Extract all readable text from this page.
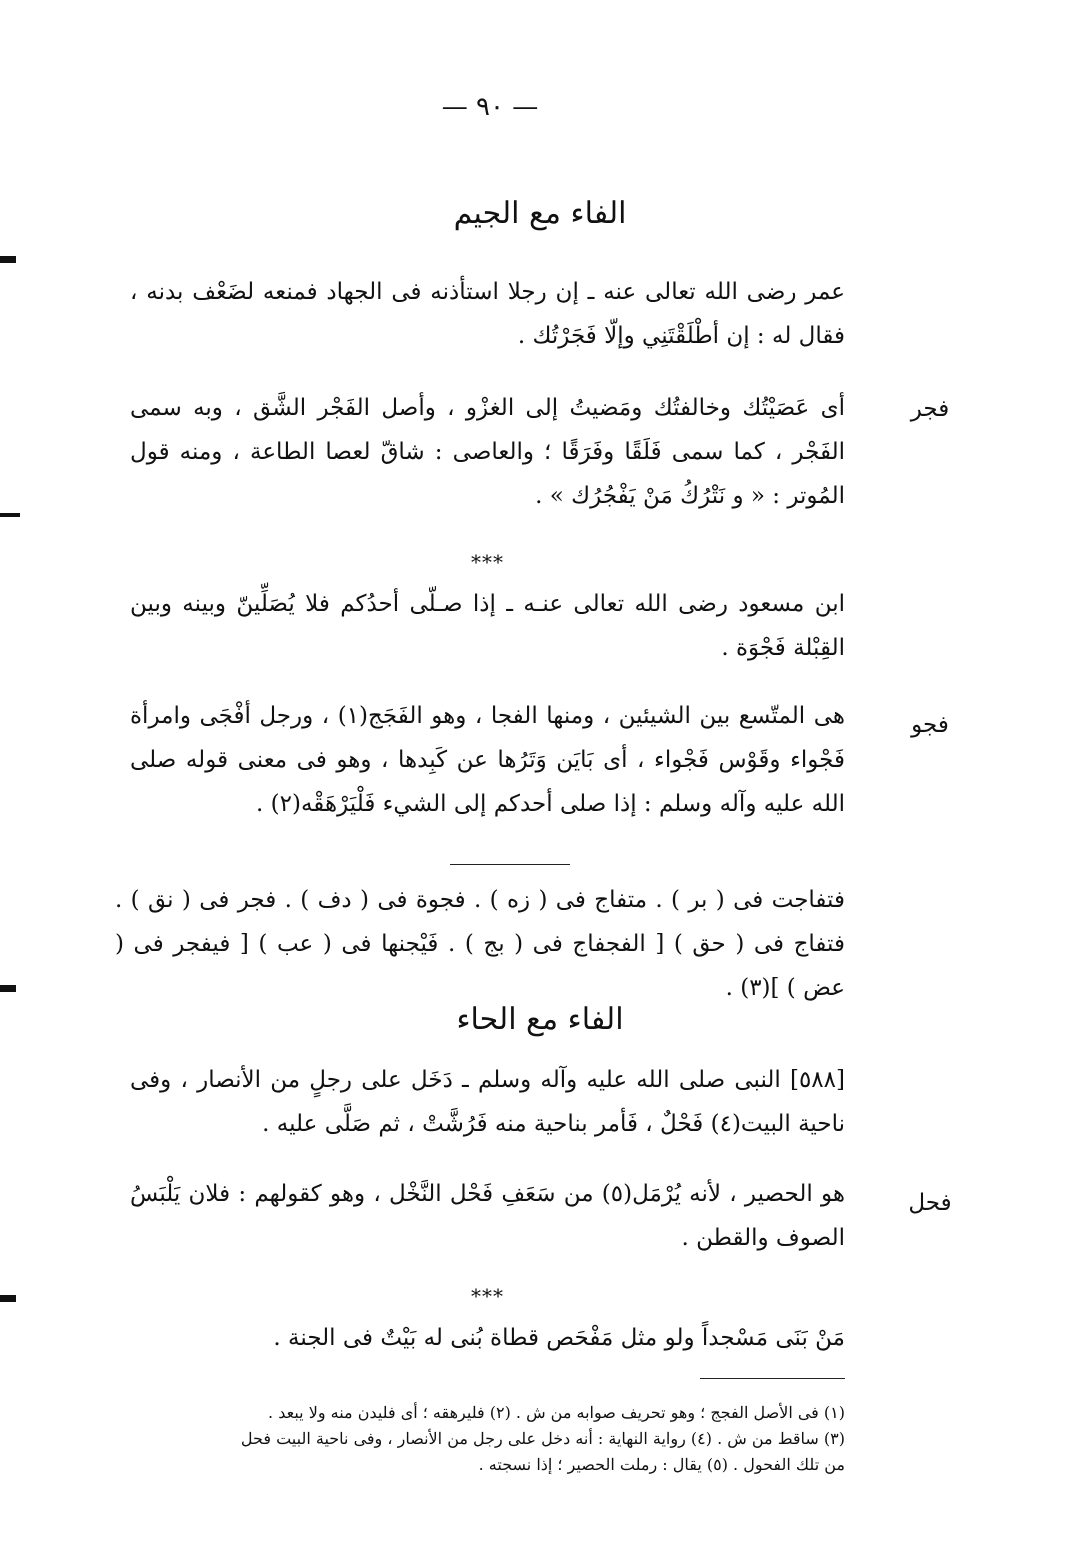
— ٩٠ —
الفاء مع الجيم
عمر رضى الله تعالى عنه ـ إن رجلا استأذنه فى الجهاد فمنعه لضَعْف بدنه ، فقال له : إن أطْلَقْتَنِي وإلّا فَجَرْتُك .
فجر
أى عَصَيْتُك وخالفتُك ومَضيتُ إلى الغزْو ، وأصل الفَجْر الشَّق ، وبه سمى الفَجْر ، كما سمى فَلَقًا وفَرَقًا ؛ والعاصى : شاقّ لعصا الطاعة ، ومنه قول المُوتر : « و نَتْرُكُ مَنْ يَفْجُرُك » .
***
ابن مسعود رضى الله تعالى عنـه ـ إذا صـلّى أحدُكم فلا يُصَلِّينّ وبينه وبين القِبْلة فَجْوَة .
فجو
هى المتّسع بين الشيئين ، ومنها الفجا ، وهو الفَجَج(١) ، ورجل أفْجَى وامرأة فَجْواء وقَوْس فَجْواء ، أى بَايَن وَتَرُها عن كَبِدها ، وهو فى معنى قوله صلى الله عليه وآله وسلم : إذا صلى أحدكم إلى الشيء فَلْيَرْهَقْه(٢) .
فتفاجت فى ( بر ) . متفاج فى ( زه ) . فجوة فى ( دف ) . فجر فى ( نق ) . فتفاج فى ( حق ) [ الفجفاج فى ( بج ) . فَيْجنها فى ( عب ) [ فيفجر فى ( عض ) ](٣) .
الفاء مع الحاء
[٥٨٨] النبى صلى الله عليه وآله وسلم ـ دَخَل على رجلٍ من الأنصار ، وفى ناحية البيت(٤) فَحْلٌ ، فَأمر بناحية منه فَرُشَّتْ ، ثم صَلَّى عليه .
فحل
هو الحصير ، لأنه يُرْمَل(٥) من سَعَفِ فَحْل النَّخْل ، وهو كقولهم : فلان يَلْبَسُ الصوف والقطن .
***
مَنْ بَنَى مَسْجداً ولو مثل مَفْحَص قطاة بُنى له بَيْتٌ فى الجنة .
(١) فى الأصل الفجج ؛ وهو تحريف صوابه من ش . (٢) فليرهقه ؛ أى فليدن منه ولا يبعد .
(٣) ساقط من ش . (٤) رواية النهاية : أنه دخل على رجل من الأنصار ، وفى ناحية البيت فحل
من تلك الفحول . (٥) يقال : رملت الحصير ؛ إذا نسجته .
